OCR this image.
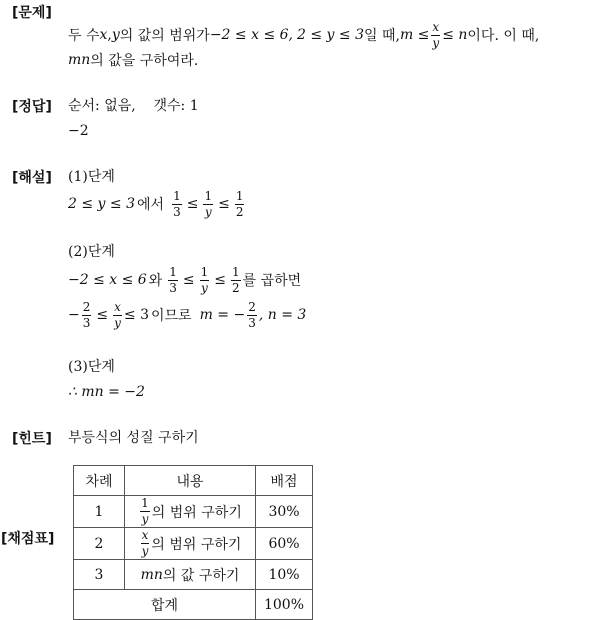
[문제]
두 수 x , y 의 값의 범위가 −2 ≤ x ≤ 6, 2 ≤ y ≤ 3 일 때, $m \le \frac{x}{y} \le n$ 이다. 이 때,
mn 의 값을 구하여라.
[정답] 순서: 없음,    갯수: 1
−2
[해설] (1)단계
2 ≤ y ≤ 3 에서 $\frac{1}{3} \le \frac{1}{y} \le \frac{1}{2}$
(2)단계
−2 ≤ x ≤ 6 와 $\frac{1}{3} \le \frac{1}{y} \le \frac{1}{2}$ 를 곱하면
− $\frac{2}{3} \le \frac{x}{y} \le 3$ 이므로 m = − $\frac{2}{3}$ , n = 3
(3)단계
∴ mn = −2
[힌트] 부등식의 성질 구하기
[채점표]
차례	내용	배점
1	$\frac{1}{y}$ 의 범위 구하기	30%
2	$\frac{x}{y}$ 의 범위 구하기	60%
3	mn 의 값 구하기	10%
합계		100%
